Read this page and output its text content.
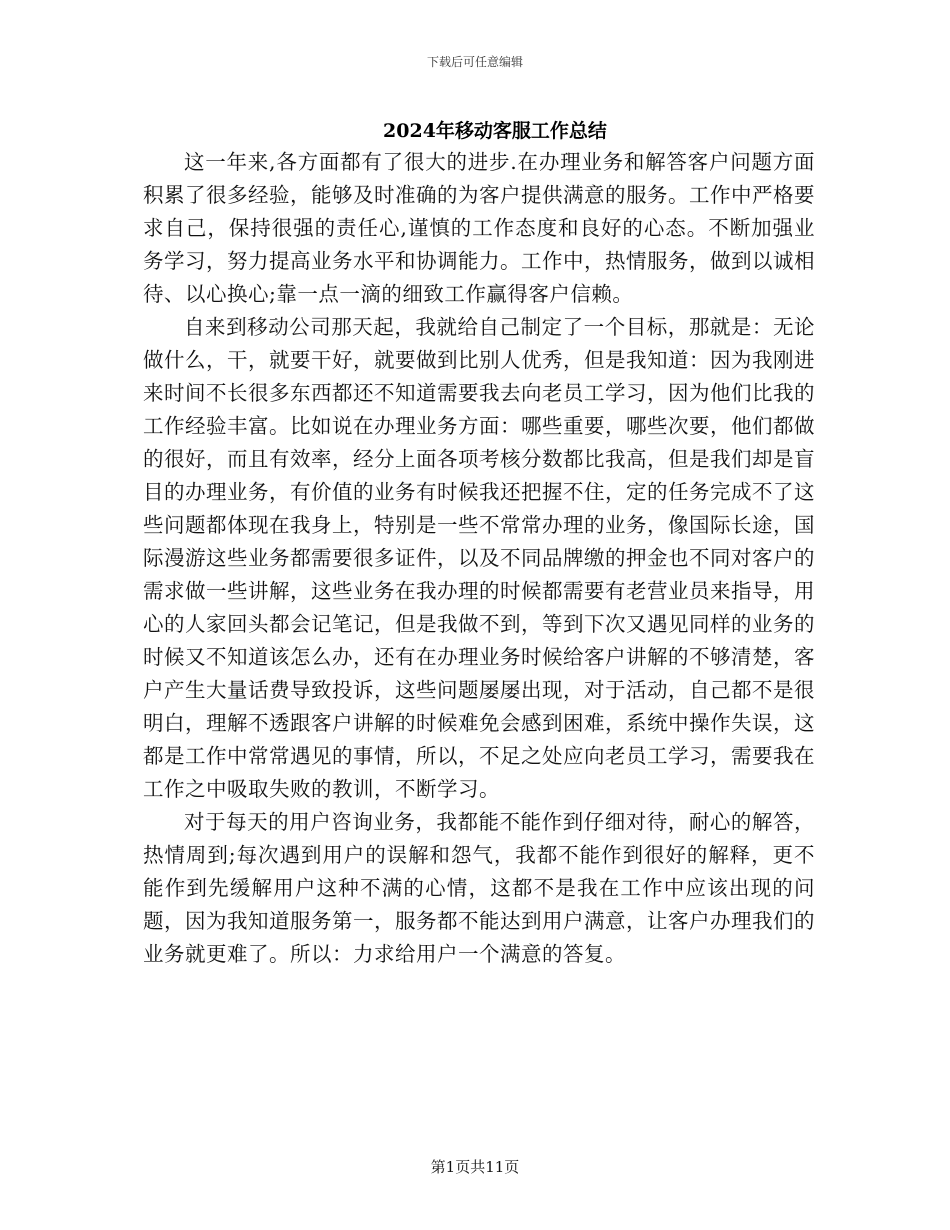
下载后可任意编辑
2024年移动客服工作总结

这一年来,各方面都有了很大的进步.在办理业务和解答客户问题方面积累了很多经验，能够及时准确的为客户提供满意的服务。工作中严格要求自己，保持很强的责任心,谨慎的工作态度和良好的心态。不断加强业务学习，努力提高业务水平和协调能力。工作中，热情服务，做到以诚相待、以心换心;靠一点一滴的细致工作赢得客户信赖。

自来到移动公司那天起，我就给自己制定了一个目标，那就是：无论做什么，干，就要干好，就要做到比别人优秀，但是我知道：因为我刚进来时间不长很多东西都还不知道需要我去向老员工学习，因为他们比我的工作经验丰富。比如说在办理业务方面：哪些重要，哪些次要，他们都做的很好，而且有效率，经分上面各项考核分数都比我高，但是我们却是盲目的办理业务，有价值的业务有时候我还把握不住，定的任务完成不了这些问题都体现在我身上，特别是一些不常常办理的业务，像国际长途，国际漫游这些业务都需要很多证件，以及不同品牌缴的押金也不同对客户的需求做一些讲解，这些业务在我办理的时候都需要有老营业员来指导，用心的人家回头都会记笔记，但是我做不到，等到下次又遇见同样的业务的时候又不知道该怎么办，还有在办理业务时候给客户讲解的不够清楚，客户产生大量话费导致投诉，这些问题屡屡出现，对于活动，自己都不是很明白，理解不透跟客户讲解的时候难免会感到困难，系统中操作失误，这都是工作中常常遇见的事情，所以，不足之处应向老员工学习，需要我在工作之中吸取失败的教训，不断学习。

对于每天的用户咨询业务，我都能不能作到仔细对待，耐心的解答，热情周到;每次遇到用户的误解和怨气，我都不能作到很好的解释，更不能作到先缓解用户这种不满的心情，这都不是我在工作中应该出现的问题，因为我知道服务第一，服务都不能达到用户满意，让客户办理我们的业务就更难了。所以：力求给用户一个满意的答复。

第1页共11页
